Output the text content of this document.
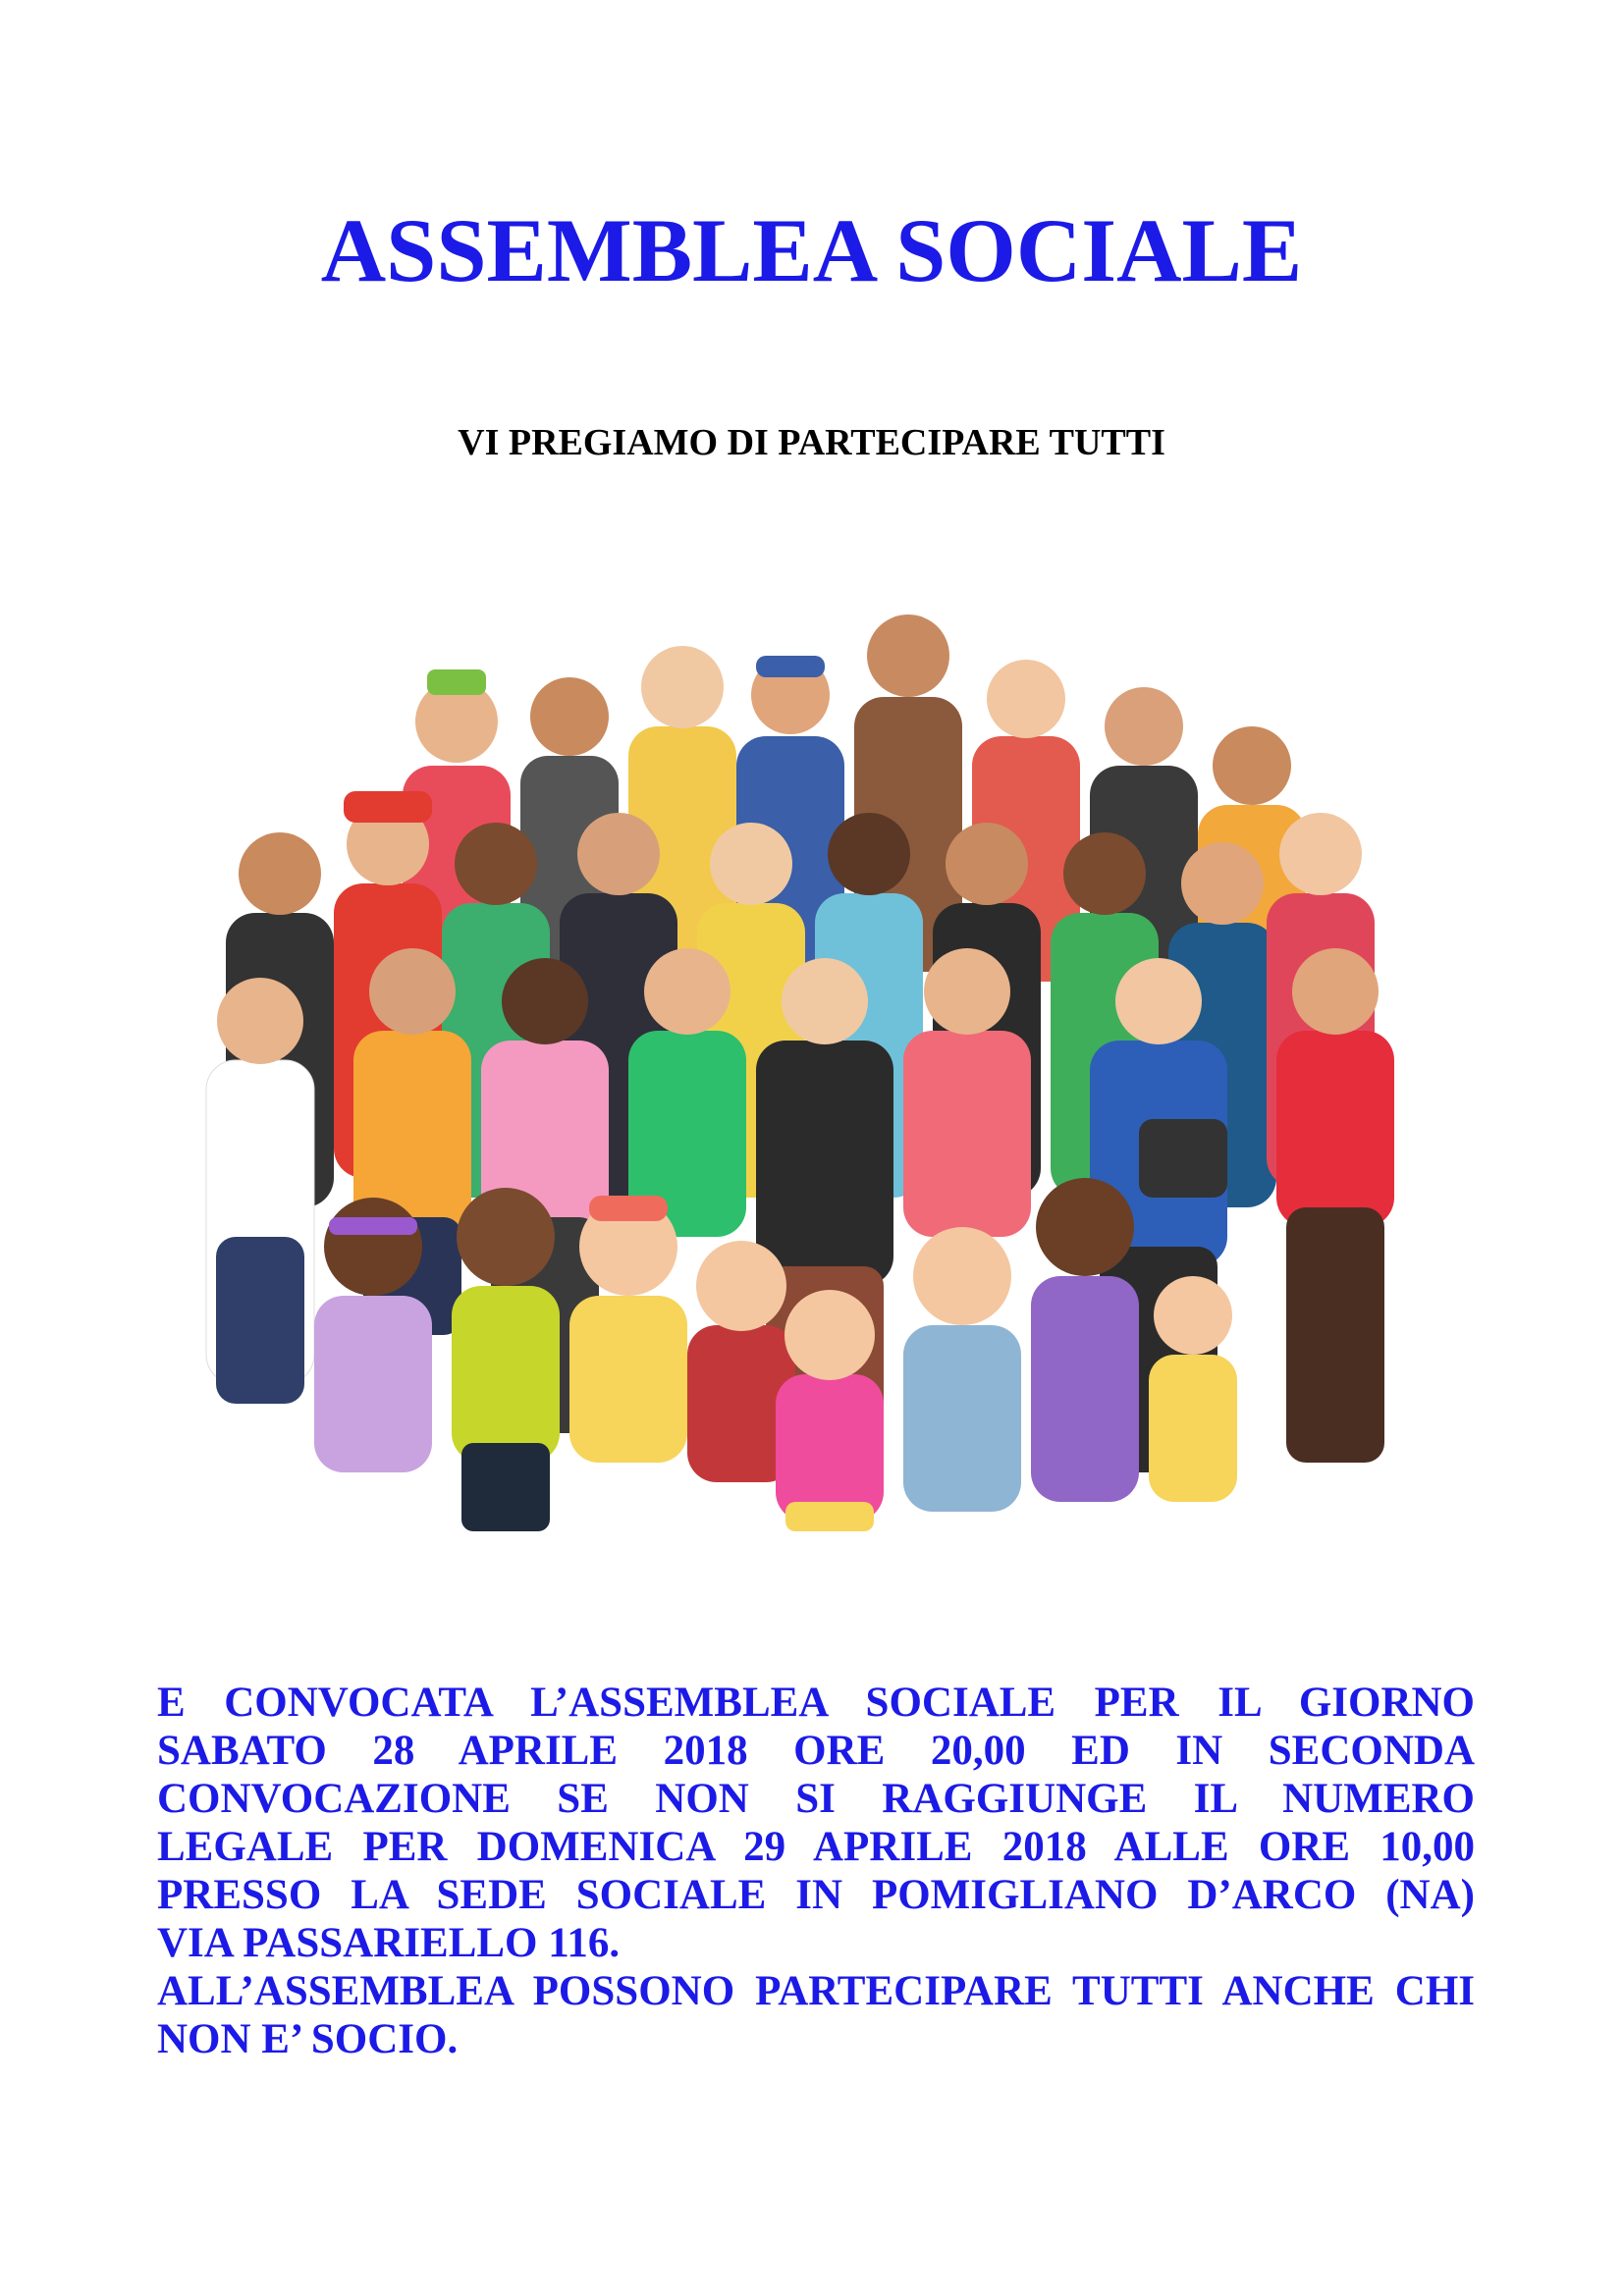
ASSEMBLEA SOCIALE
VI PREGIAMO DI PARTECIPARE TUTTI
E CONVOCATA L’ASSEMBLEA SOCIALE PER IL GIORNO
SABATO 28 APRILE 2018 ORE 20,00 ED IN SECONDA
CONVOCAZIONE SE NON SI RAGGIUNGE IL NUMERO
LEGALE PER DOMENICA 29 APRILE 2018 ALLE ORE 10,00
PRESSO LA SEDE SOCIALE IN POMIGLIANO D’ARCO (NA)
VIA PASSARIELLO 116.
ALL’ASSEMBLEA POSSONO PARTECIPARE TUTTI ANCHE CHI
NON E’ SOCIO.
